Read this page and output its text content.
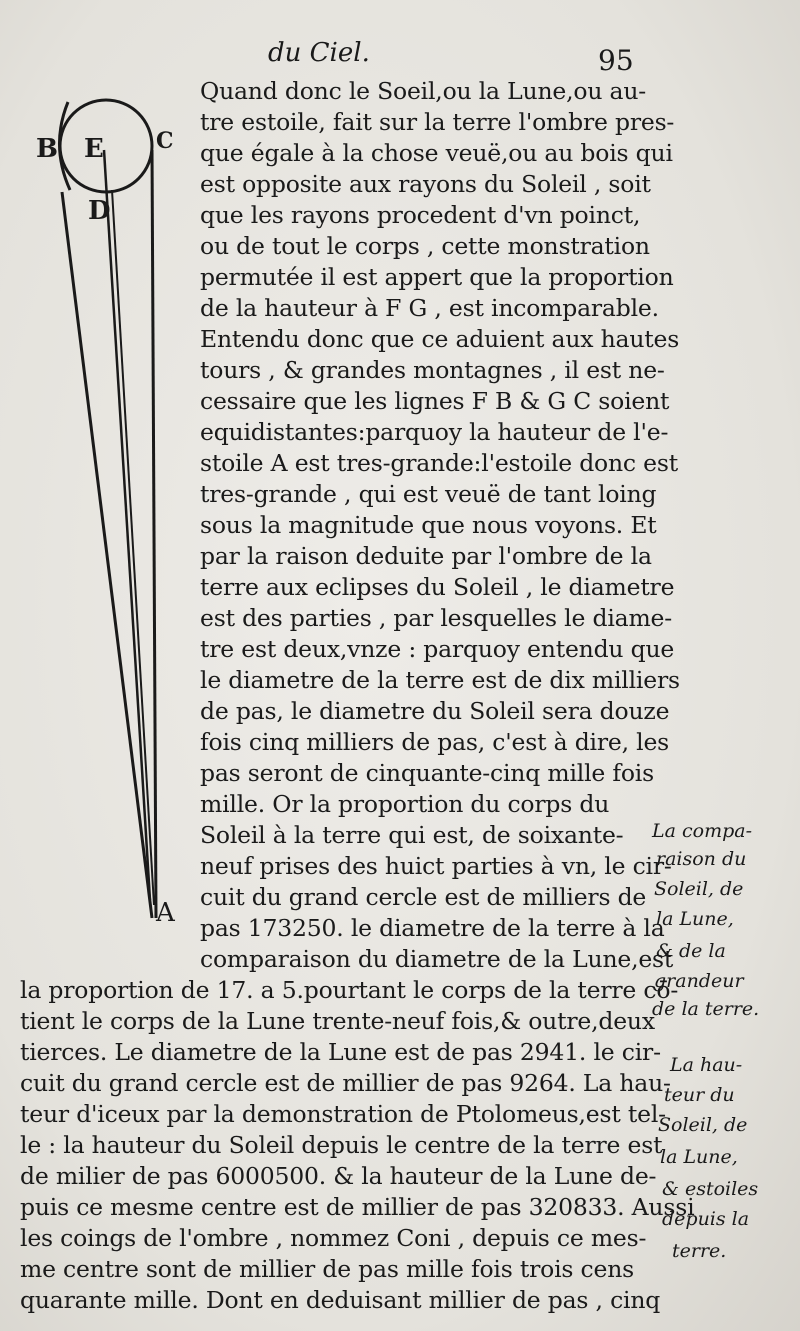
du Ciel.	95
B E C
D
A
Quand donc le Soeil,ou la Lune,ou au-
tre estoile, fait sur la terre l'ombre pres-
que égale à la chose veuë,ou au bois qui
est opposite aux rayons du Soleil , soit
que les rayons procedent d'vn poinct,
ou de tout le corps , cette monstration
permutée il est appert que la proportion
de la hauteur à F G , est incomparable.
Entendu donc que ce aduient aux hautes
tours , & grandes montagnes , il est ne-
cessaire que les lignes F B & G C soient
equidistantes:parquoy la hauteur de l'e-
stoile A est tres-grande:l'estoile donc est
tres-grande , qui est veuë de tant loing
sous la magnitude que nous voyons. Et
par la raison deduite par l'ombre de la
terre aux eclipses du Soleil , le diametre
est des parties , par lesquelles le diame-
tre est deux,vnze : parquoy entendu que
le diametre de la terre est de dix milliers
de pas, le diametre du Soleil sera douze
fois cinq milliers de pas, c'est à dire, les
pas seront de cinquante-cinq mille fois
mille. Or la proportion du corps du
Soleil à la terre qui est, de soixante-
neuf prises des huict parties à vn, le cir-
cuit du grand cercle est de milliers de
pas 173250. le diametre de la terre à la
comparaison du diametre de la Lune,est
la proportion de 17. a 5.pourtant le corps de la terre cō-
tient le corps de la Lune trente-neuf fois,& outre,deux
tierces. Le diametre de la Lune est de pas 2941. le cir-
cuit du grand cercle est de millier de pas 9264. La hau-
teur d'iceux par la demonstration de Ptolomeus,est tel-
le : la hauteur du Soleil depuis le centre de la terre est
de milier de pas 6000500. & la hauteur de la Lune de-
puis ce mesme centre est de millier de pas 320833. Aussi
les coings de l'ombre , nommez Coni , depuis ce mes-
me centre sont de millier de pas mille fois trois cens
quarante mille. Dont en deduisant millier de pas , cinq
La compa-
raison du
Soleil, de
la Lune,
& de la
grandeur
de la terre.
La hau-
teur du
Soleil, de
la Lune,
& estoiles
depuis la
terre.
